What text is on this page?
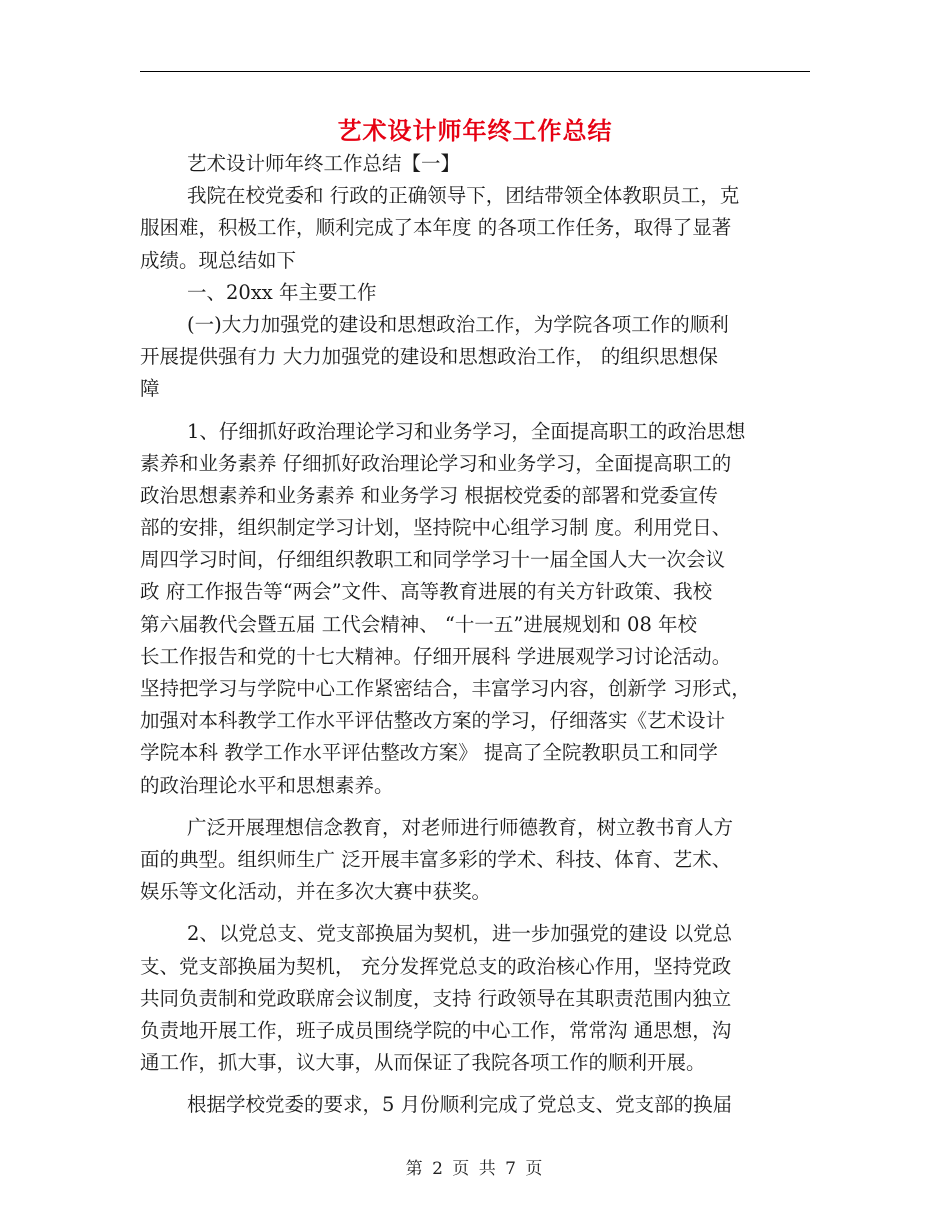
艺术设计师年终工作总结
艺术设计师年终工作总结【一】
我院在校党委和 行政的正确领导下，团结带领全体教职员工，克
服困难，积极工作，顺利完成了本年度 的各项工作任务，取得了显著
成绩。现总结如下
一、20xx 年主要工作
(一)大力加强党的建设和思想政治工作，为学院各项工作的顺利
开展提供强有力 大力加强党的建设和思想政治工作， 的组织思想保
障
1、仔细抓好政治理论学习和业务学习，全面提高职工的政治思想
素养和业务素养 仔细抓好政治理论学习和业务学习，全面提高职工的
政治思想素养和业务素养 和业务学习 根据校党委的部署和党委宣传
部的安排，组织制定学习计划，坚持院中心组学习制 度。利用党日、
周四学习时间，仔细组织教职工和同学学习十一届全国人大一次会议
政 府工作报告等“两会”文件、高等教育进展的有关方针政策、我校
第六届教代会暨五届 工代会精神、 “十一五”进展规划和 08 年校
长工作报告和党的十七大精神。仔细开展科 学进展观学习讨论活动。
坚持把学习与学院中心工作紧密结合，丰富学习内容，创新学 习形式，
加强对本科教学工作水平评估整改方案的学习，仔细落实《艺术设计
学院本科 教学工作水平评估整改方案》 提高了全院教职员工和同学
的政治理论水平和思想素养。
广泛开展理想信念教育，对老师进行师德教育，树立教书育人方
面的典型。组织师生广 泛开展丰富多彩的学术、科技、体育、艺术、
娱乐等文化活动，并在多次大赛中获奖。
2、以党总支、党支部换届为契机，进一步加强党的建设 以党总
支、党支部换届为契机， 充分发挥党总支的政治核心作用，坚持党政
共同负责制和党政联席会议制度，支持 行政领导在其职责范围内独立
负责地开展工作，班子成员围绕学院的中心工作，常常沟 通思想，沟
通工作，抓大事，议大事，从而保证了我院各项工作的顺利开展。
根据学校党委的要求，5 月份顺利完成了党总支、党支部的换届
第 2 页 共 7 页
